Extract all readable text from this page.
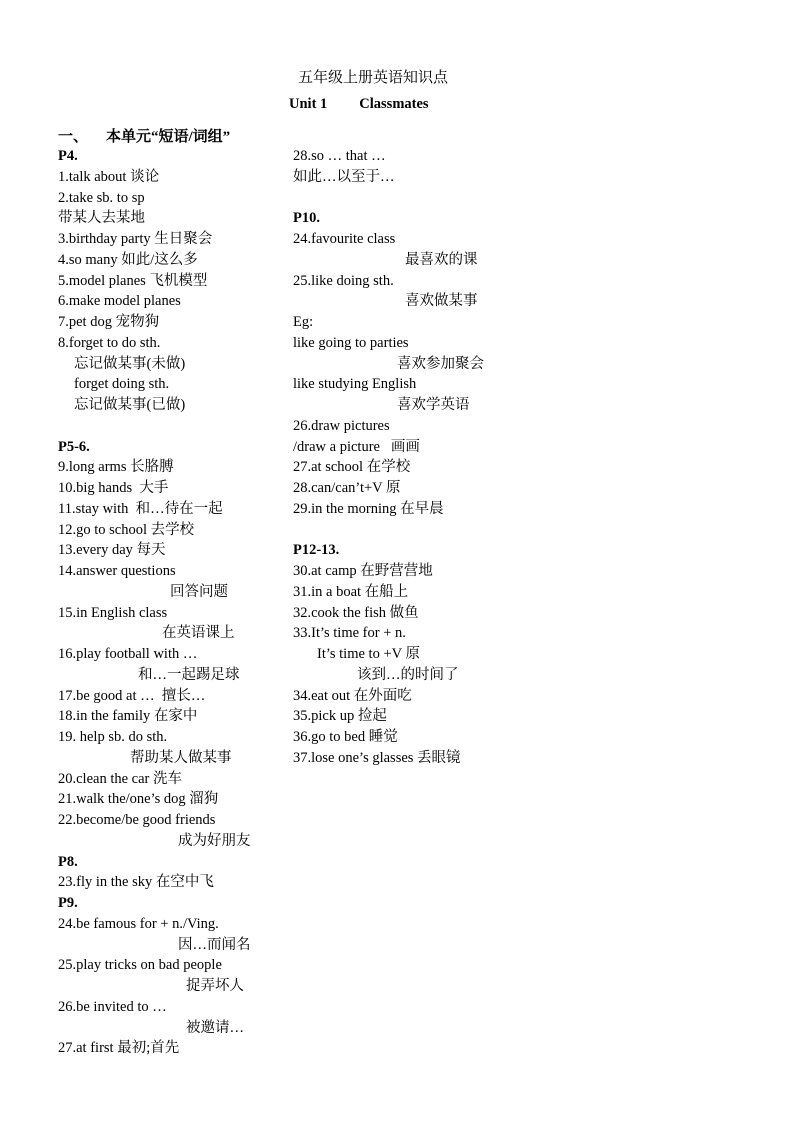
五年级上册英语知识点
Unit 1 Classmates
一、 本单元“短语/词组”
P4.
1.talk about 谈论
2.take sb. to sp
带某人去某地
3.birthday party 生日聚会
4.so many 如此/这么多
5.model planes 飞机模型
6.make model planes
7.pet dog 宠物狗
8.forget to do sth.
忘记做某事(未做)
forget doing sth.
忘记做某事(已做)
P5-6.
9.long arms 长胳膊
10.big hands  大手
11.stay with  和…待在一起
12.go to school 去学校
13.every day 每天
14.answer questions
回答问题
15.in English class
在英语课上
16.play football with …
和…一起踢足球
17.be good at …  擅长…
18.in the family 在家中
19. help sb. do sth.
帮助某人做某事
20.clean the car 洗车
21.walk the/one’s dog 溜狗
22.become/be good friends
成为好朋友
P8.
23.fly in the sky 在空中飞
P9.
24.be famous for + n./Ving.
因…而闻名
25.play tricks on bad people
捉弄坏人
26.be invited to …
被邀请…
27.at first 最初;首先
28.so … that …
如此…以至于…
P10.
24.favourite class
最喜欢的课
25.like doing sth.
喜欢做某事
Eg:
like going to parties
喜欢参加聚会
like studying English
喜欢学英语
26.draw pictures
/draw a picture   画画
27.at school 在学校
28.can/can’t+V 原
29.in the morning 在早晨
P12-13.
30.at camp 在野营营地
31.in a boat 在船上
32.cook the fish 做鱼
33.It’s time for + n.
It’s time to +V 原
该到…的时间了
34.eat out 在外面吃
35.pick up 捡起
36.go to bed 睡觉
37.lose one’s glasses 丢眼镜
